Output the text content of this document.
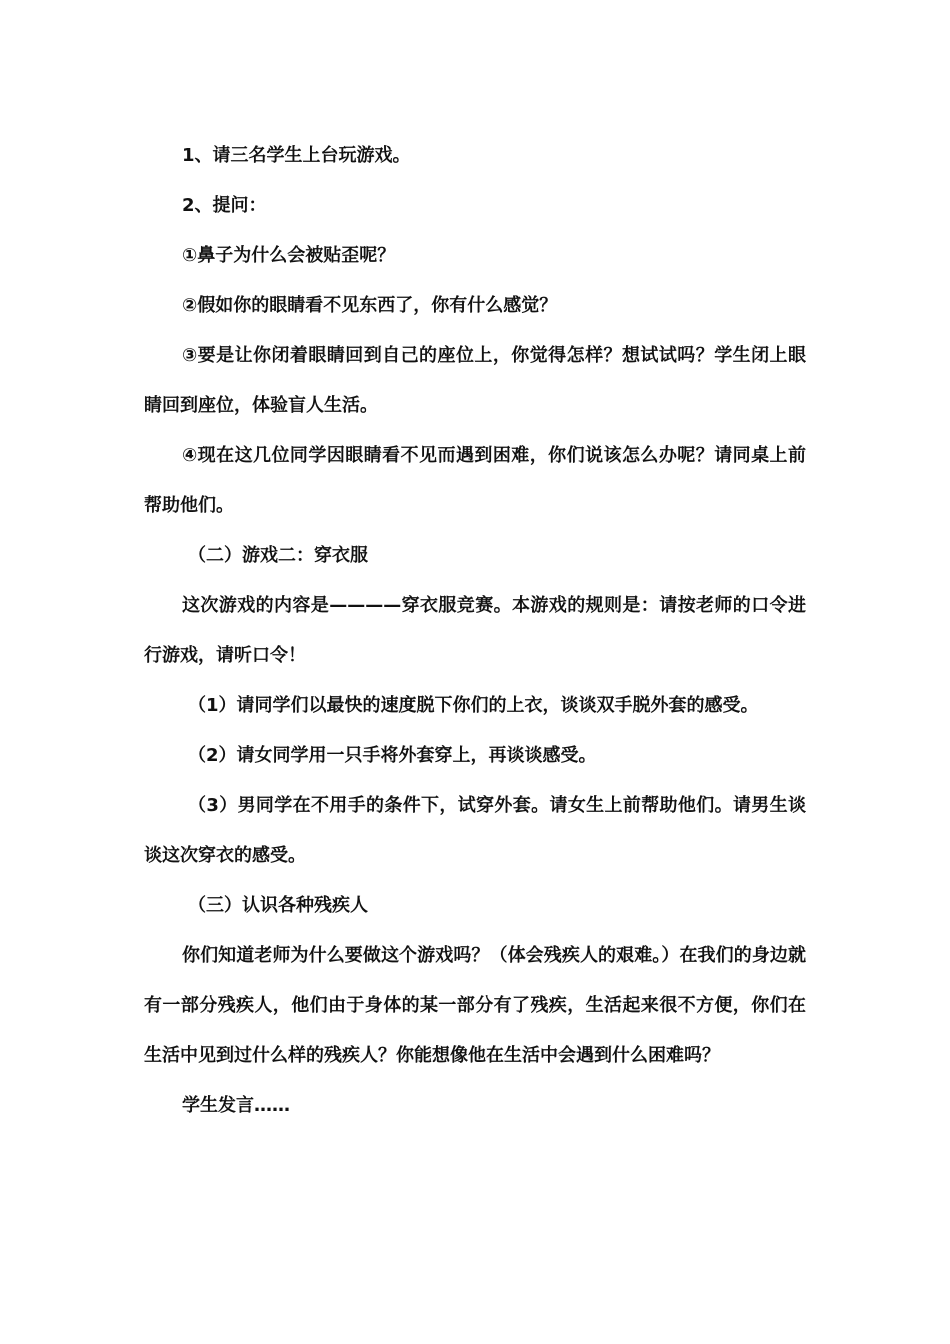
1、请三名学生上台玩游戏。

2、提问：

①鼻子为什么会被贴歪呢？

②假如你的眼睛看不见东西了，你有什么感觉？

③要是让你闭着眼睛回到自己的座位上，你觉得怎样？想试试吗？学生闭上眼睛回到座位，体验盲人生活。

④现在这几位同学因眼睛看不见而遇到困难，你们说该怎么办呢？请同桌上前帮助他们。

（二）游戏二：穿衣服

这次游戏的内容是————穿衣服竞赛。本游戏的规则是：请按老师的口令进行游戏，请听口令！

（1）请同学们以最快的速度脱下你们的上衣，谈谈双手脱外套的感受。

（2）请女同学用一只手将外套穿上，再谈谈感受。

（3）男同学在不用手的条件下，试穿外套。请女生上前帮助他们。请男生谈谈这次穿衣的感受。

（三）认识各种残疾人

你们知道老师为什么要做这个游戏吗？（体会残疾人的艰难。）在我们的身边就有一部分残疾人，他们由于身体的某一部分有了残疾，生活起来很不方便，你们在生活中见到过什么样的残疾人？你能想像他在生活中会遇到什么困难吗？

学生发言……
